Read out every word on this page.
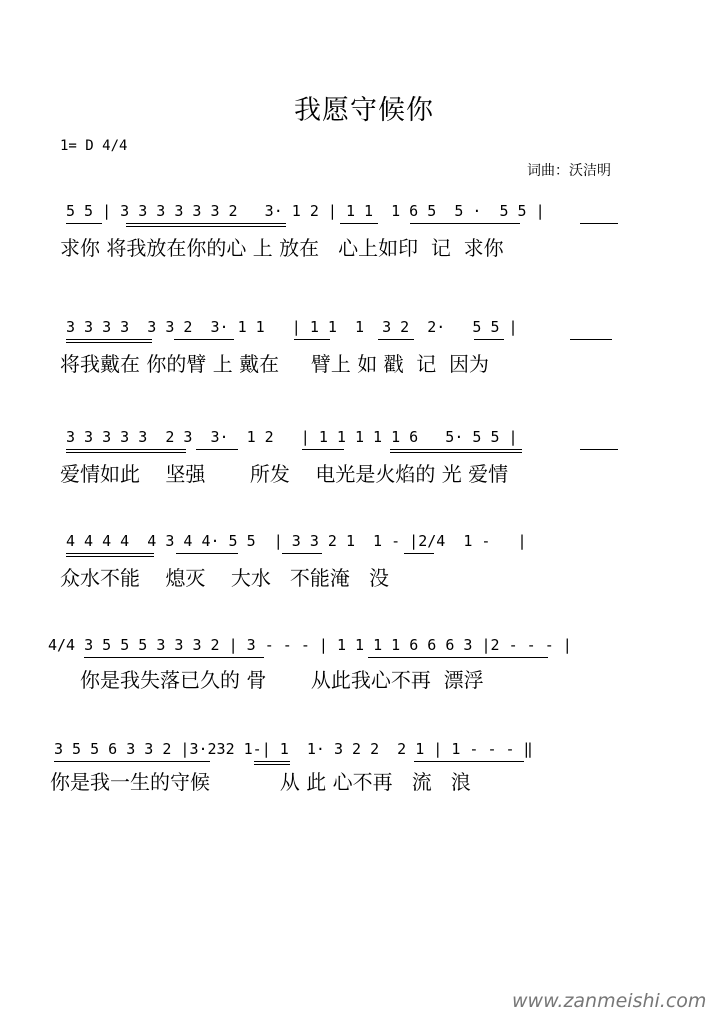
我愿守候你
1= D 4/4
词曲：沃洁明
5 5 | 3 3 3 3 3 3 2   3· 1 2 | 1 1  1 6 5  5 ·  5 5 |
求你 将我放在你的心 上 放在   心上如印  记  求你
3 3 3 3  3 3 2  3· 1 1   | 1 1  1  3 2  2·   5 5 |
将我戴在 你的臂 上 戴在     臂上 如 戳  记  因为
3 3 3 3 3  2 3  3·  1 2   | 1 1 1 1 1 6   5· 5 5 |
爱情如此    坚强       所发    电光是火焰的 光 爱情
4 4 4 4  4 3 4 4· 5 5  | 3 3 2 1  1 - |2/4  1 -   |
众水不能    熄灭    大水   不能淹   没
4/4 3 5 5 5 3 3 3 2 | 3 - - - | 1 1 1 1 6 6 6 3 |2 - - - |
你是我失落已久的 骨       从此我心不再  漂浮
3 5 5 6 3 3 2 |3·232 1-| 1  1· 3 2 2  2 1 | 1 - - - ‖
你是我一生的守候           从 此 心不再   流   浪
www.zanmeishi.com
